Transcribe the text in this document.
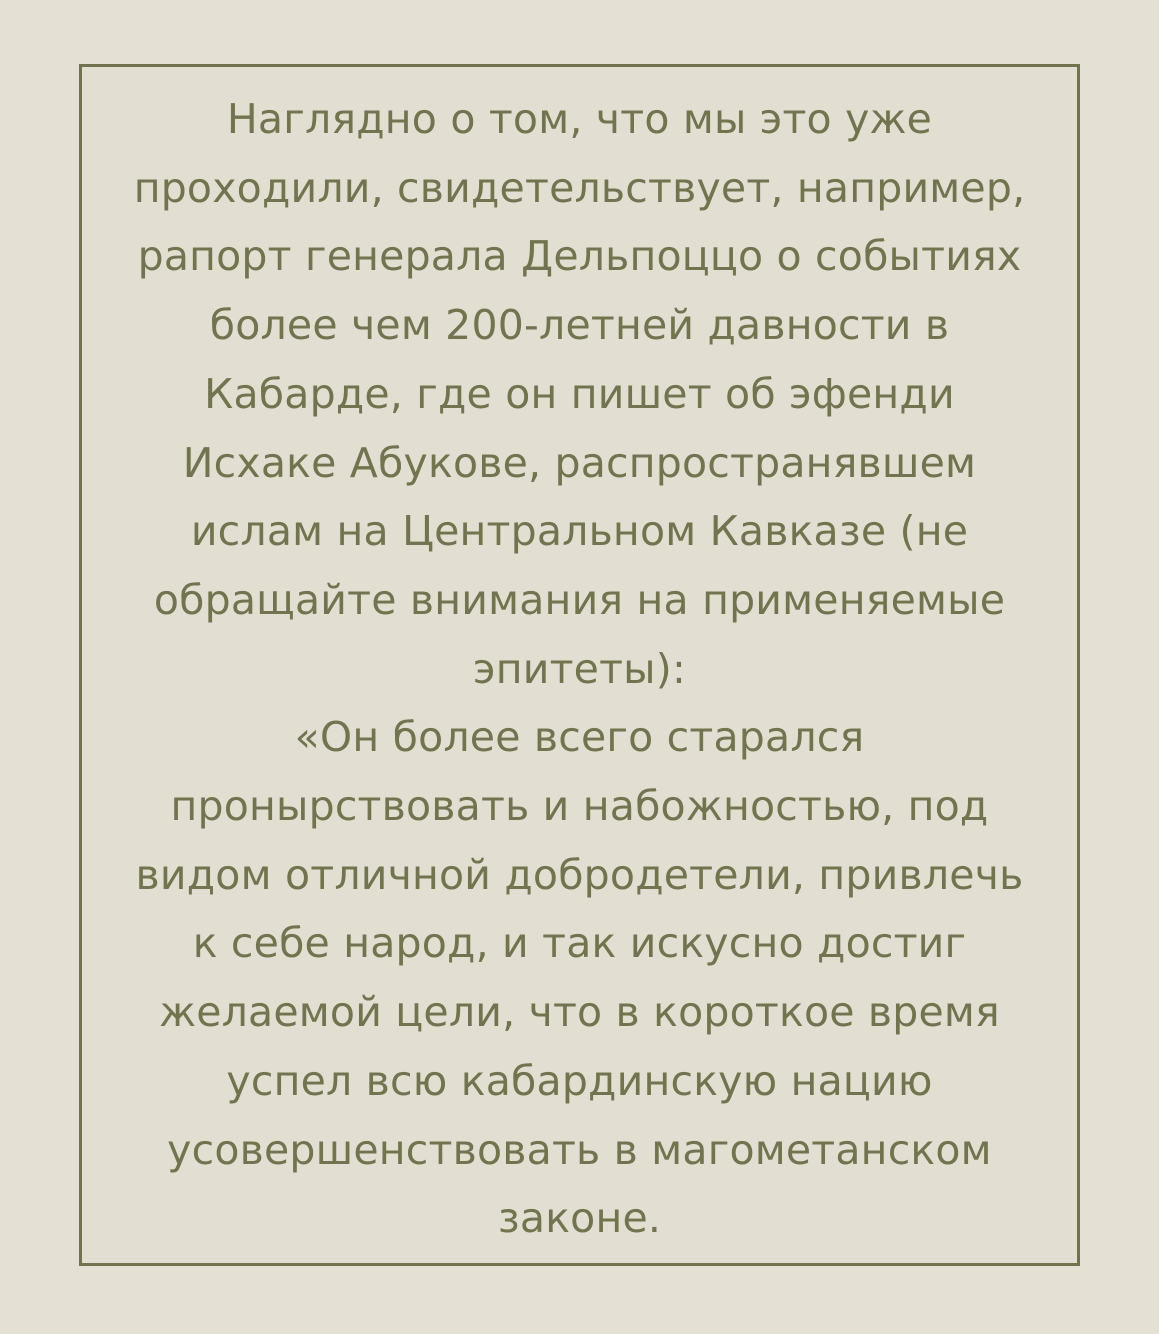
Наглядно о том, что мы это уже
проходили, свидетельствует, например,
рапорт генерала Дельпоццо о событиях
более чем 200-летней давности в
Кабарде, где он пишет об эфенди
Исхаке Абукове, распространявшем
ислам на Центральном Кавказе (не
обращайте внимания на применяемые
эпитеты):
«Он более всего старался
пронырствовать и набожностью, под
видом отличной добродетели, привлечь
к себе народ, и так искусно достиг
желаемой цели, что в короткое время
успел всю кабардинскую нацию
усовершенствовать в магометанском
законе.
